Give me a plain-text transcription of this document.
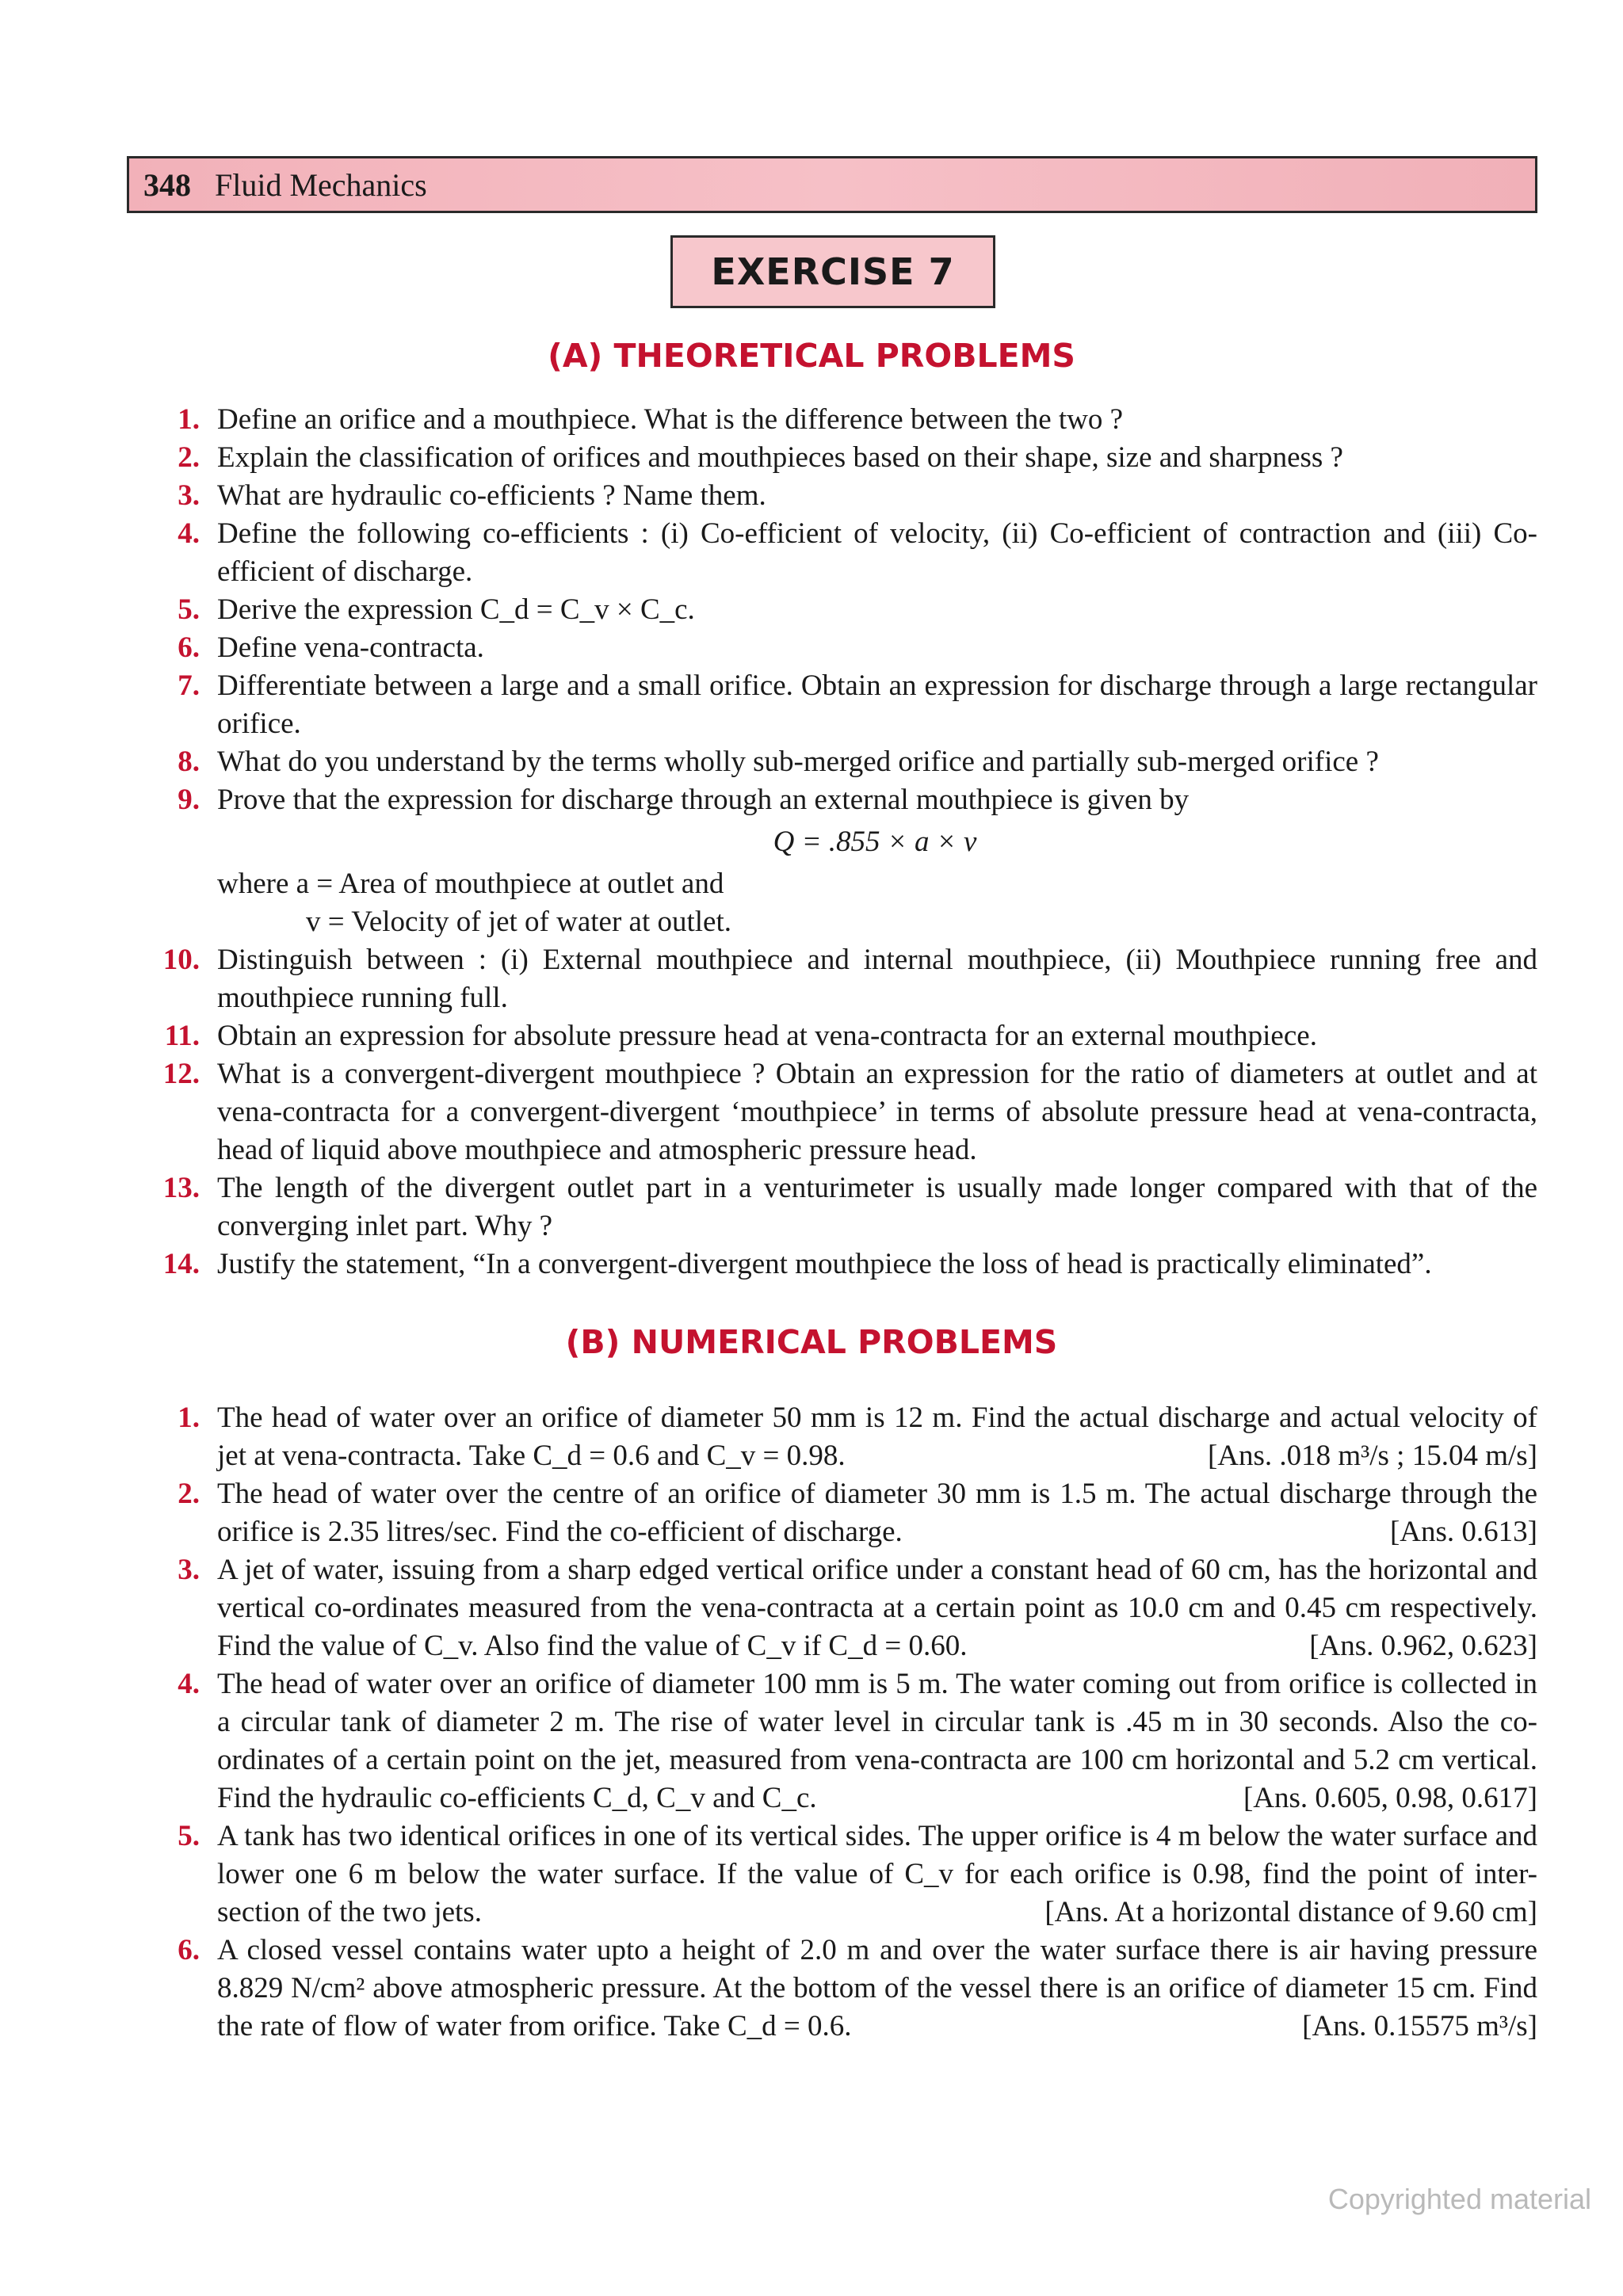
348 Fluid Mechanics
EXERCISE 7
(A) THEORETICAL PROBLEMS
1. Define an orifice and a mouthpiece. What is the difference between the two ?
2. Explain the classification of orifices and mouthpieces based on their shape, size and sharpness ?
3. What are hydraulic co-efficients ? Name them.
4. Define the following co-efficients : (i) Co-efficient of velocity, (ii) Co-efficient of contraction and (iii) Co-efficient of discharge.
5. Derive the expression C_d = C_v × C_c.
6. Define vena-contracta.
7. Differentiate between a large and a small orifice. Obtain an expression for discharge through a large rectangular orifice.
8. What do you understand by the terms wholly sub-merged orifice and partially sub-merged orifice ?
9. Prove that the expression for discharge through an external mouthpiece is given by
Q = .855 × a × v
where a = Area of mouthpiece at outlet and
v = Velocity of jet of water at outlet.
10. Distinguish between : (i) External mouthpiece and internal mouthpiece, (ii) Mouthpiece running free and mouthpiece running full.
11. Obtain an expression for absolute pressure head at vena-contracta for an external mouthpiece.
12. What is a convergent-divergent mouthpiece ? Obtain an expression for the ratio of diameters at outlet and at vena-contracta for a convergent-divergent ‘mouthpiece’ in terms of absolute pressure head at vena-contracta, head of liquid above mouthpiece and atmospheric pressure head.
13. The length of the divergent outlet part in a venturimeter is usually made longer compared with that of the converging inlet part. Why ?
14. Justify the statement, “In a convergent-divergent mouthpiece the loss of head is practically eliminated”.
(B) NUMERICAL PROBLEMS
1. The head of water over an orifice of diameter 50 mm is 12 m. Find the actual discharge and actual velocity of jet at vena-contracta. Take C_d = 0.6 and C_v = 0.98.	[Ans. .018 m³/s ; 15.04 m/s]
2. The head of water over the centre of an orifice of diameter 30 mm is 1.5 m. The actual discharge through the orifice is 2.35 litres/sec. Find the co-efficient of discharge.	[Ans. 0.613]
3. A jet of water, issuing from a sharp edged vertical orifice under a constant head of 60 cm, has the horizontal and vertical co-ordinates measured from the vena-contracta at a certain point as 10.0 cm and 0.45 cm respectively. Find the value of C_v. Also find the value of C_v if C_d = 0.60.	[Ans. 0.962, 0.623]
4. The head of water over an orifice of diameter 100 mm is 5 m. The water coming out from orifice is collected in a circular tank of diameter 2 m. The rise of water level in circular tank is .45 m in 30 seconds. Also the co-ordinates of a certain point on the jet, measured from vena-contracta are 100 cm horizontal and 5.2 cm vertical. Find the hydraulic co-efficients C_d, C_v and C_c.	[Ans. 0.605, 0.98, 0.617]
5. A tank has two identical orifices in one of its vertical sides. The upper orifice is 4 m below the water surface and lower one 6 m below the water surface. If the value of C_v for each orifice is 0.98, find the point of inter-section of the two jets.	[Ans. At a horizontal distance of 9.60 cm]
6. A closed vessel contains water upto a height of 2.0 m and over the water surface there is air having pressure 8.829 N/cm² above atmospheric pressure. At the bottom of the vessel there is an orifice of diameter 15 cm. Find the rate of flow of water from orifice. Take C_d = 0.6.	[Ans. 0.15575 m³/s]
Copyrighted material
